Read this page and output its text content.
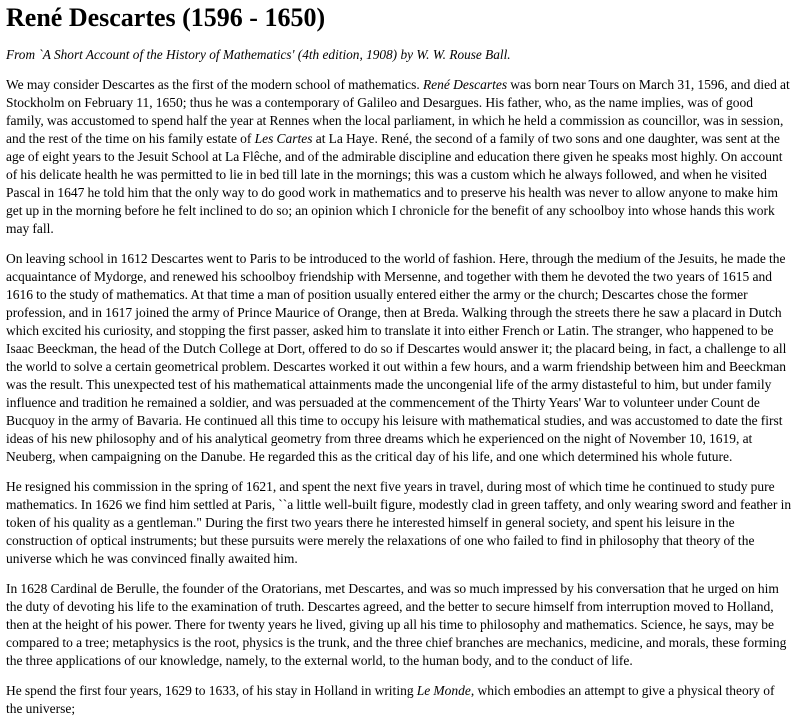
René Descartes (1596 - 1650)
From `A Short Account of the History of Mathematics' (4th edition, 1908) by W. W. Rouse Ball.

We may consider Descartes as the first of the modern school of mathematics. René Descartes was born near Tours on March 31, 1596, and died at Stockholm on February 11, 1650; thus he was a contemporary of Galileo and Desargues. His father, who, as the name implies, was of good family, was accustomed to spend half the year at Rennes when the local parliament, in which he held a commission as councillor, was in session, and the rest of the time on his family estate of Les Cartes at La Haye. René, the second of a family of two sons and one daughter, was sent at the age of eight years to the Jesuit School at La Flêche, and of the admirable discipline and education there given he speaks most highly. On account of his delicate health he was permitted to lie in bed till late in the mornings; this was a custom which he always followed, and when he visited Pascal in 1647 he told him that the only way to do good work in mathematics and to preserve his health was never to allow anyone to make him get up in the morning before he felt inclined to do so; an opinion which I chronicle for the benefit of any schoolboy into whose hands this work may fall.

On leaving school in 1612 Descartes went to Paris to be introduced to the world of fashion. Here, through the medium of the Jesuits, he made the acquaintance of Mydorge, and renewed his schoolboy friendship with Mersenne, and together with them he devoted the two years of 1615 and 1616 to the study of mathematics. At that time a man of position usually entered either the army or the church; Descartes chose the former profession, and in 1617 joined the army of Prince Maurice of Orange, then at Breda. Walking through the streets there he saw a placard in Dutch which excited his curiosity, and stopping the first passer, asked him to translate it into either French or Latin. The stranger, who happened to be Isaac Beeckman, the head of the Dutch College at Dort, offered to do so if Descartes would answer it; the placard being, in fact, a challenge to all the world to solve a certain geometrical problem. Descartes worked it out within a few hours, and a warm friendship between him and Beeckman was the result. This unexpected test of his mathematical attainments made the uncongenial life of the army distasteful to him, but under family influence and tradition he remained a soldier, and was persuaded at the commencement of the Thirty Years' War to volunteer under Count de Bucquoy in the army of Bavaria. He continued all this time to occupy his leisure with mathematical studies, and was accustomed to date the first ideas of his new philosophy and of his analytical geometry from three dreams which he experienced on the night of November 10, 1619, at Neuberg, when campaigning on the Danube. He regarded this as the critical day of his life, and one which determined his whole future.

He resigned his commission in the spring of 1621, and spent the next five years in travel, during most of which time he continued to study pure mathematics. In 1626 we find him settled at Paris, ``a little well-built figure, modestly clad in green taffety, and only wearing sword and feather in token of his quality as a gentleman." During the first two years there he interested himself in general society, and spent his leisure in the construction of optical instruments; but these pursuits were merely the relaxations of one who failed to find in philosophy that theory of the universe which he was convinced finally awaited him.

In 1628 Cardinal de Berulle, the founder of the Oratorians, met Descartes, and was so much impressed by his conversation that he urged on him the duty of devoting his life to the examination of truth. Descartes agreed, and the better to secure himself from interruption moved to Holland, then at the height of his power. There for twenty years he lived, giving up all his time to philosophy and mathematics. Science, he says, may be compared to a tree; metaphysics is the root, physics is the trunk, and the three chief branches are mechanics, medicine, and morals, these forming the three applications of our knowledge, namely, to the external world, to the human body, and to the conduct of life.

He spend the first four years, 1629 to 1633, of his stay in Holland in writing Le Monde, which embodies an attempt to give a physical theory of the universe;
